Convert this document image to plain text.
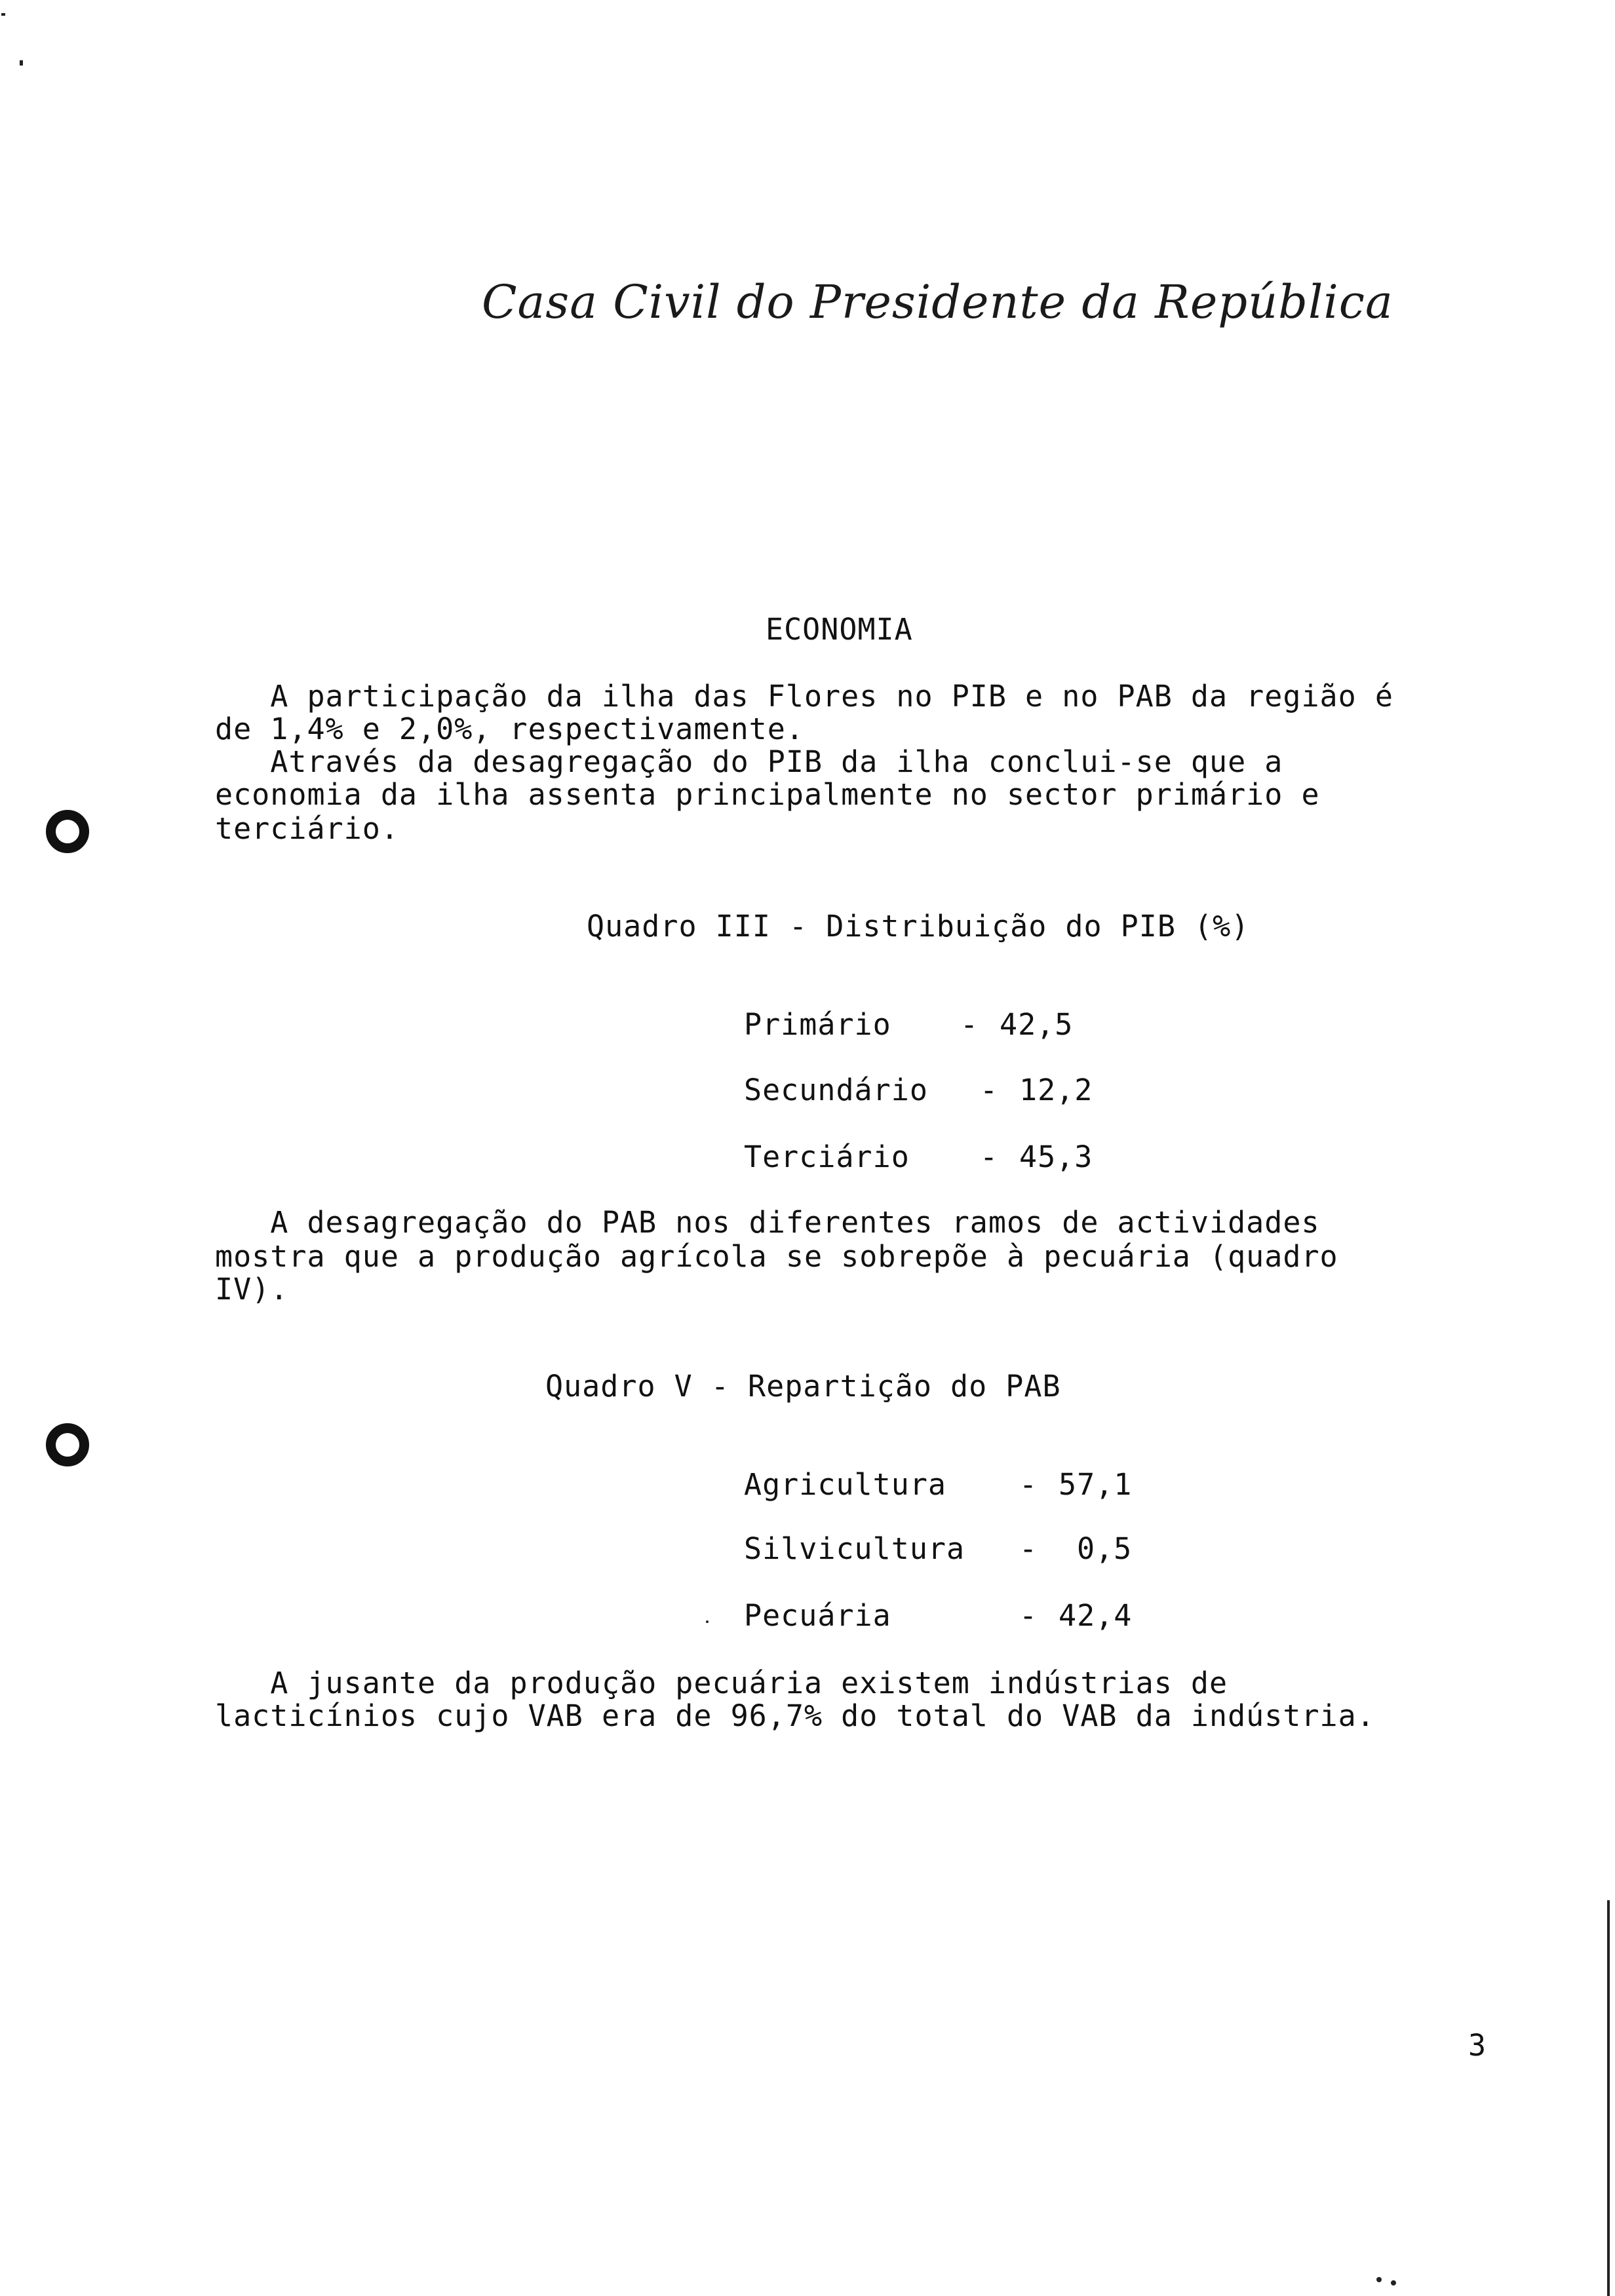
Casa Civil do Presidente da República
ECONOMIA
A participação da ilha das Flores no PIB e no PAB da região é
de 1,4% e 2,0%, respectivamente.
Através da desagregação do PIB da ilha conclui-se que a
economia da ilha assenta principalmente no sector primário e
terciário.
Quadro III - Distribuição do PIB (%)
Primário - 42,5
Secundário - 12,2
Terciário - 45,3
A desagregação do PAB nos diferentes ramos de actividades
mostra que a produção agrícola se sobrepõe à pecuária (quadro
IV).
Quadro V - Repartição do PAB
Agricultura - 57,1
Silvicultura - 0,5
Pecuária	- 42,4
A jusante da produção pecuária existem indústrias de
lacticínios cujo VAB era de 96,7% do total do VAB da indústria.
3
